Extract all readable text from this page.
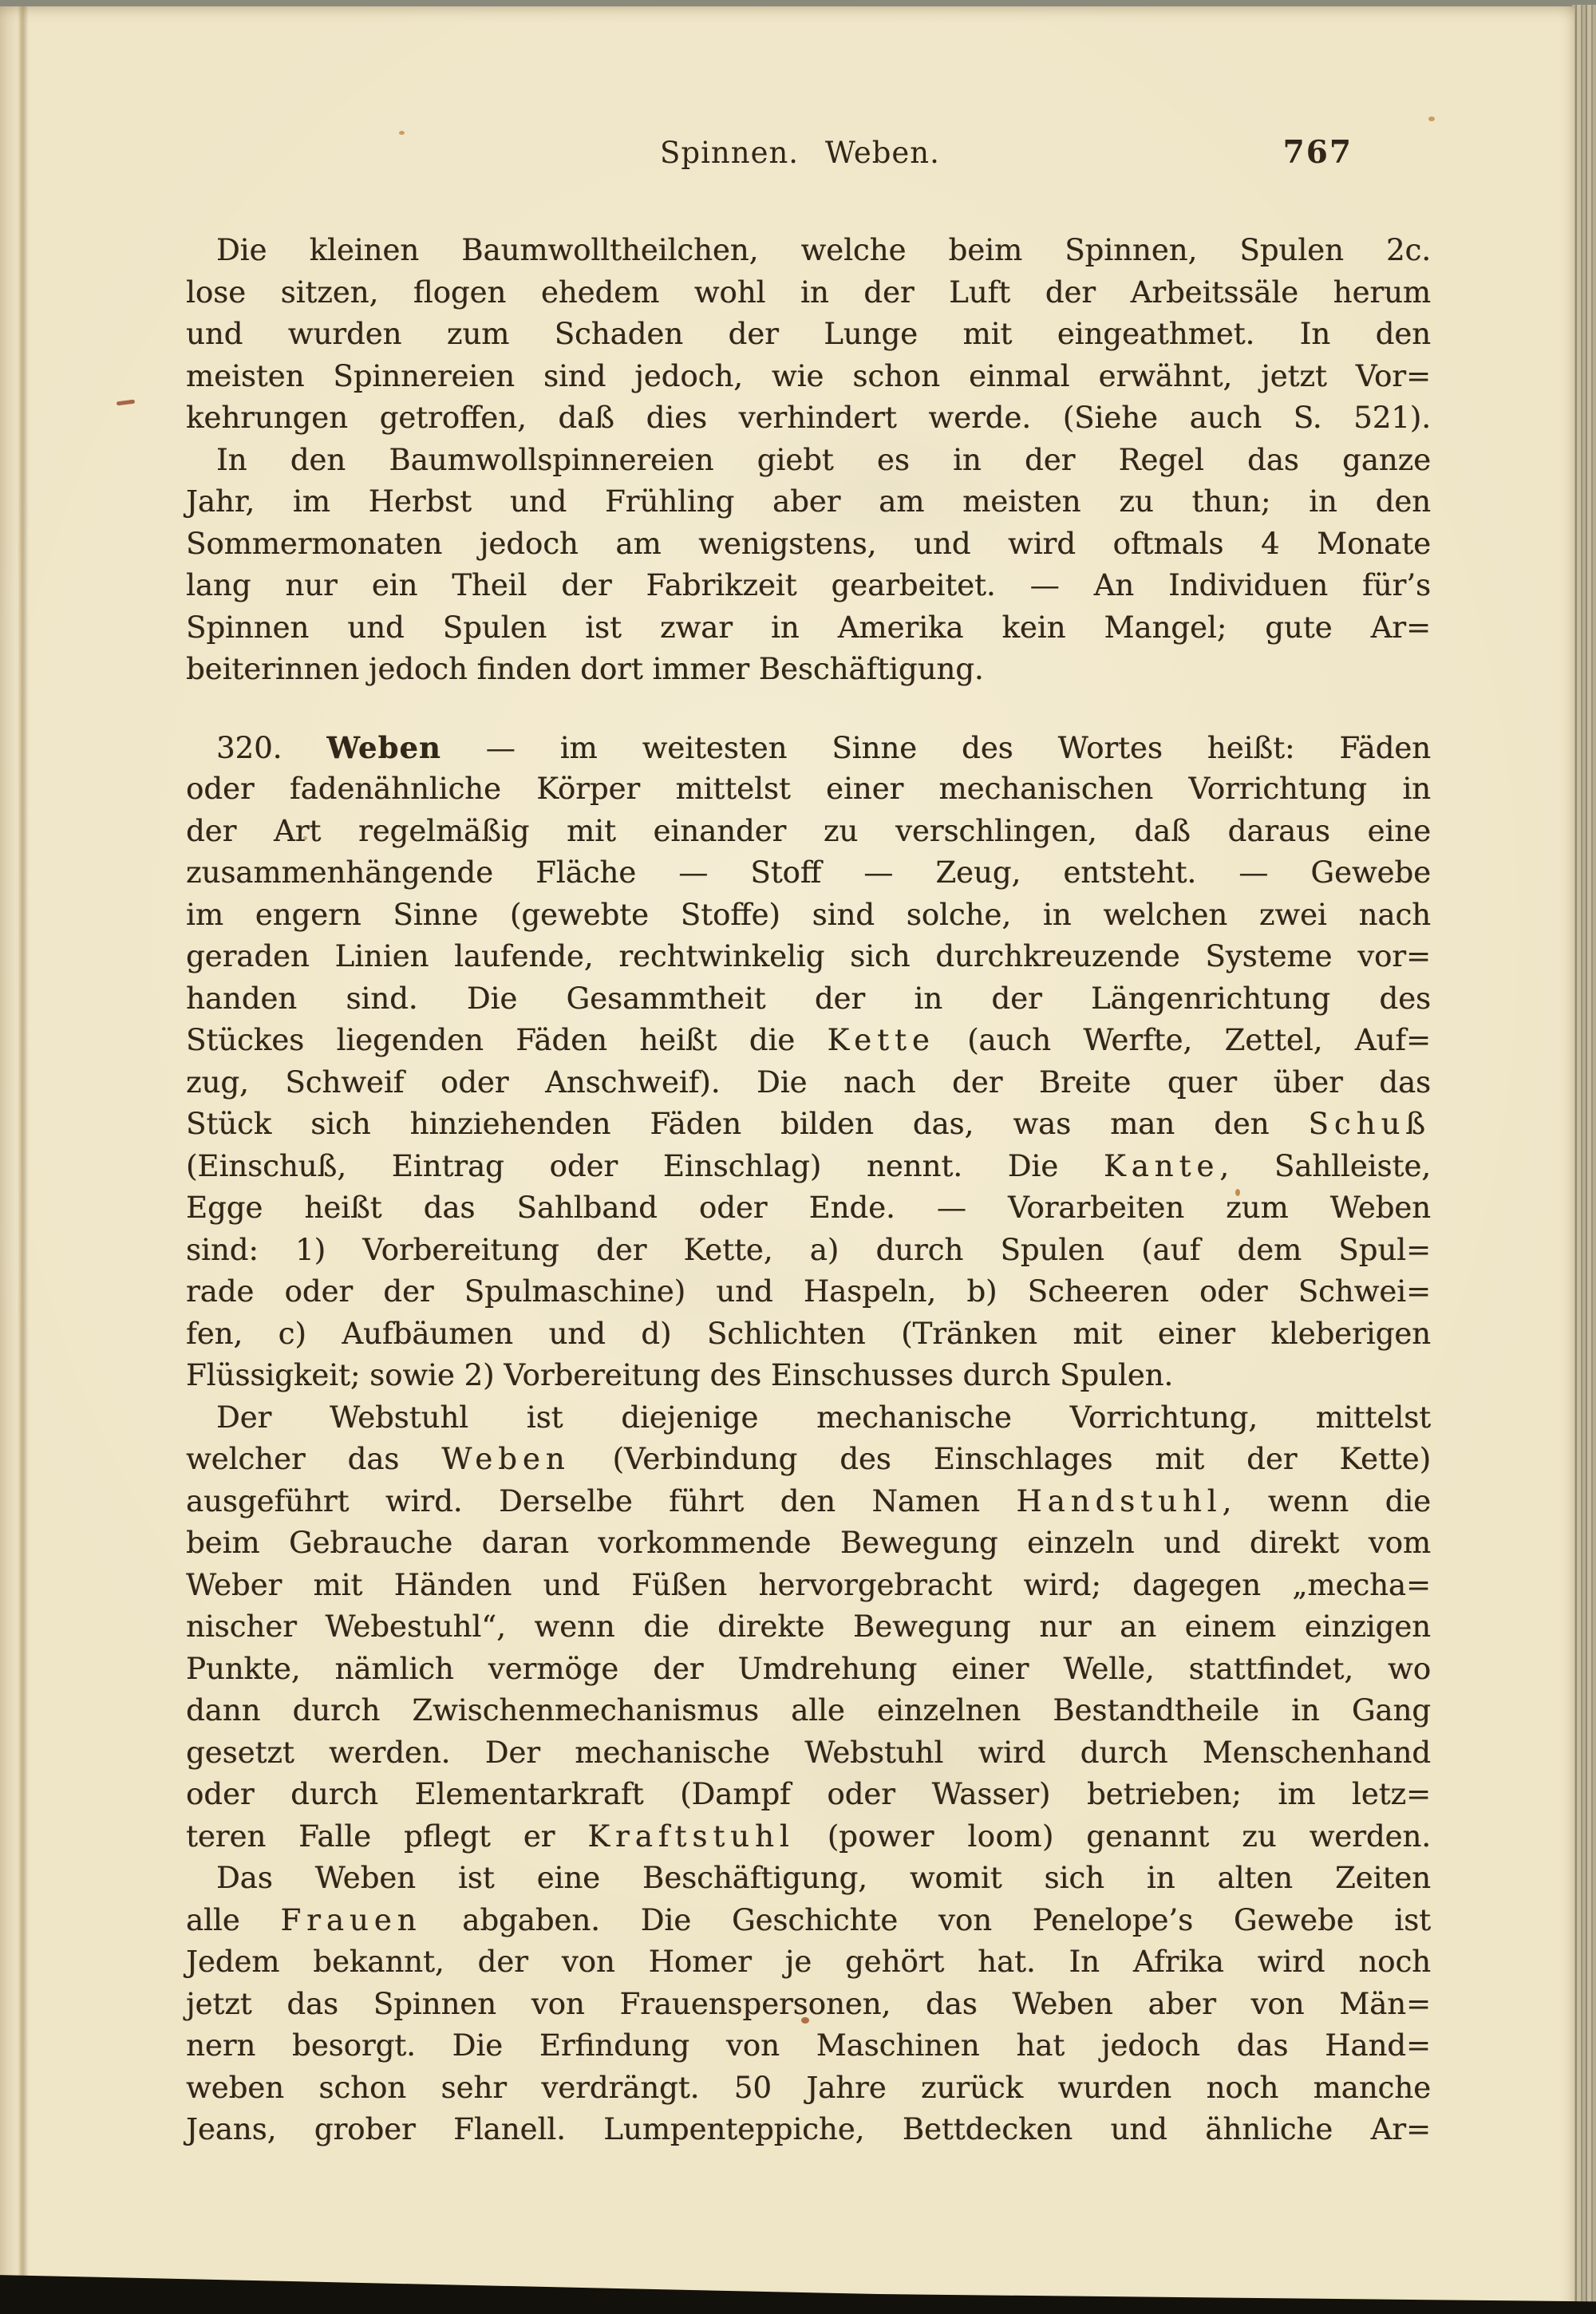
Spinnen. Weben.	767
Die kleinen Baumwolltheilchen, welche beim Spinnen, Spulen 2c.
lose sitzen, flogen ehedem wohl in der Luft der Arbeitssäle herum
und wurden zum Schaden der Lunge mit eingeathmet. In den
meisten Spinnereien sind jedoch, wie schon einmal erwähnt, jetzt Vor=
kehrungen getroffen, daß dies verhindert werde. (Siehe auch S. 521).
In den Baumwollspinnereien giebt es in der Regel das ganze
Jahr, im Herbst und Frühling aber am meisten zu thun; in den
Sommermonaten jedoch am wenigstens, und wird oftmals 4 Monate
lang nur ein Theil der Fabrikzeit gearbeitet. — An Individuen für’s
Spinnen und Spulen ist zwar in Amerika kein Mangel; gute Ar=
beiterinnen jedoch finden dort immer Beschäftigung.
320. Weben — im weitesten Sinne des Wortes heißt: Fäden
oder fadenähnliche Körper mittelst einer mechanischen Vorrichtung in
der Art regelmäßig mit einander zu verschlingen, daß daraus eine
zusammenhängende Fläche — Stoff — Zeug, entsteht. — Gewebe
im engern Sinne (gewebte Stoffe) sind solche, in welchen zwei nach
geraden Linien laufende, rechtwinkelig sich durchkreuzende Systeme vor=
handen sind. Die Gesammtheit der in der Längenrichtung des
Stückes liegenden Fäden heißt die Kette (auch Werfte, Zettel, Auf=
zug, Schweif oder Anschweif). Die nach der Breite quer über das
Stück sich hinziehenden Fäden bilden das, was man den Schuß
(Einschuß, Eintrag oder Einschlag) nennt. Die Kante, Sahlleiste,
Egge heißt das Sahlband oder Ende. — Vorarbeiten zum Weben
sind: 1) Vorbereitung der Kette, a) durch Spulen (auf dem Spul=
rade oder der Spulmaschine) und Haspeln, b) Scheeren oder Schwei=
fen, c) Aufbäumen und d) Schlichten (Tränken mit einer kleberigen
Flüssigkeit; sowie 2) Vorbereitung des Einschusses durch Spulen.
Der Webstuhl ist diejenige mechanische Vorrichtung, mittelst
welcher das Weben (Verbindung des Einschlages mit der Kette)
ausgeführt wird. Derselbe führt den Namen Handstuhl, wenn die
beim Gebrauche daran vorkommende Bewegung einzeln und direkt vom
Weber mit Händen und Füßen hervorgebracht wird; dagegen „mecha=
nischer Webestuhl“, wenn die direkte Bewegung nur an einem einzigen
Punkte, nämlich vermöge der Umdrehung einer Welle, stattfindet, wo
dann durch Zwischenmechanismus alle einzelnen Bestandtheile in Gang
gesetzt werden. Der mechanische Webstuhl wird durch Menschenhand
oder durch Elementarkraft (Dampf oder Wasser) betrieben; im letz=
teren Falle pflegt er Kraftstuhl (power loom) genannt zu werden.
Das Weben ist eine Beschäftigung, womit sich in alten Zeiten
alle Frauen abgaben. Die Geschichte von Penelope’s Gewebe ist
Jedem bekannt, der von Homer je gehört hat. In Afrika wird noch
jetzt das Spinnen von Frauenspersonen, das Weben aber von Män=
nern besorgt. Die Erfindung von Maschinen hat jedoch das Hand=
weben schon sehr verdrängt. 50 Jahre zurück wurden noch manche
Jeans, grober Flanell. Lumpenteppiche, Bettdecken und ähnliche Ar=
